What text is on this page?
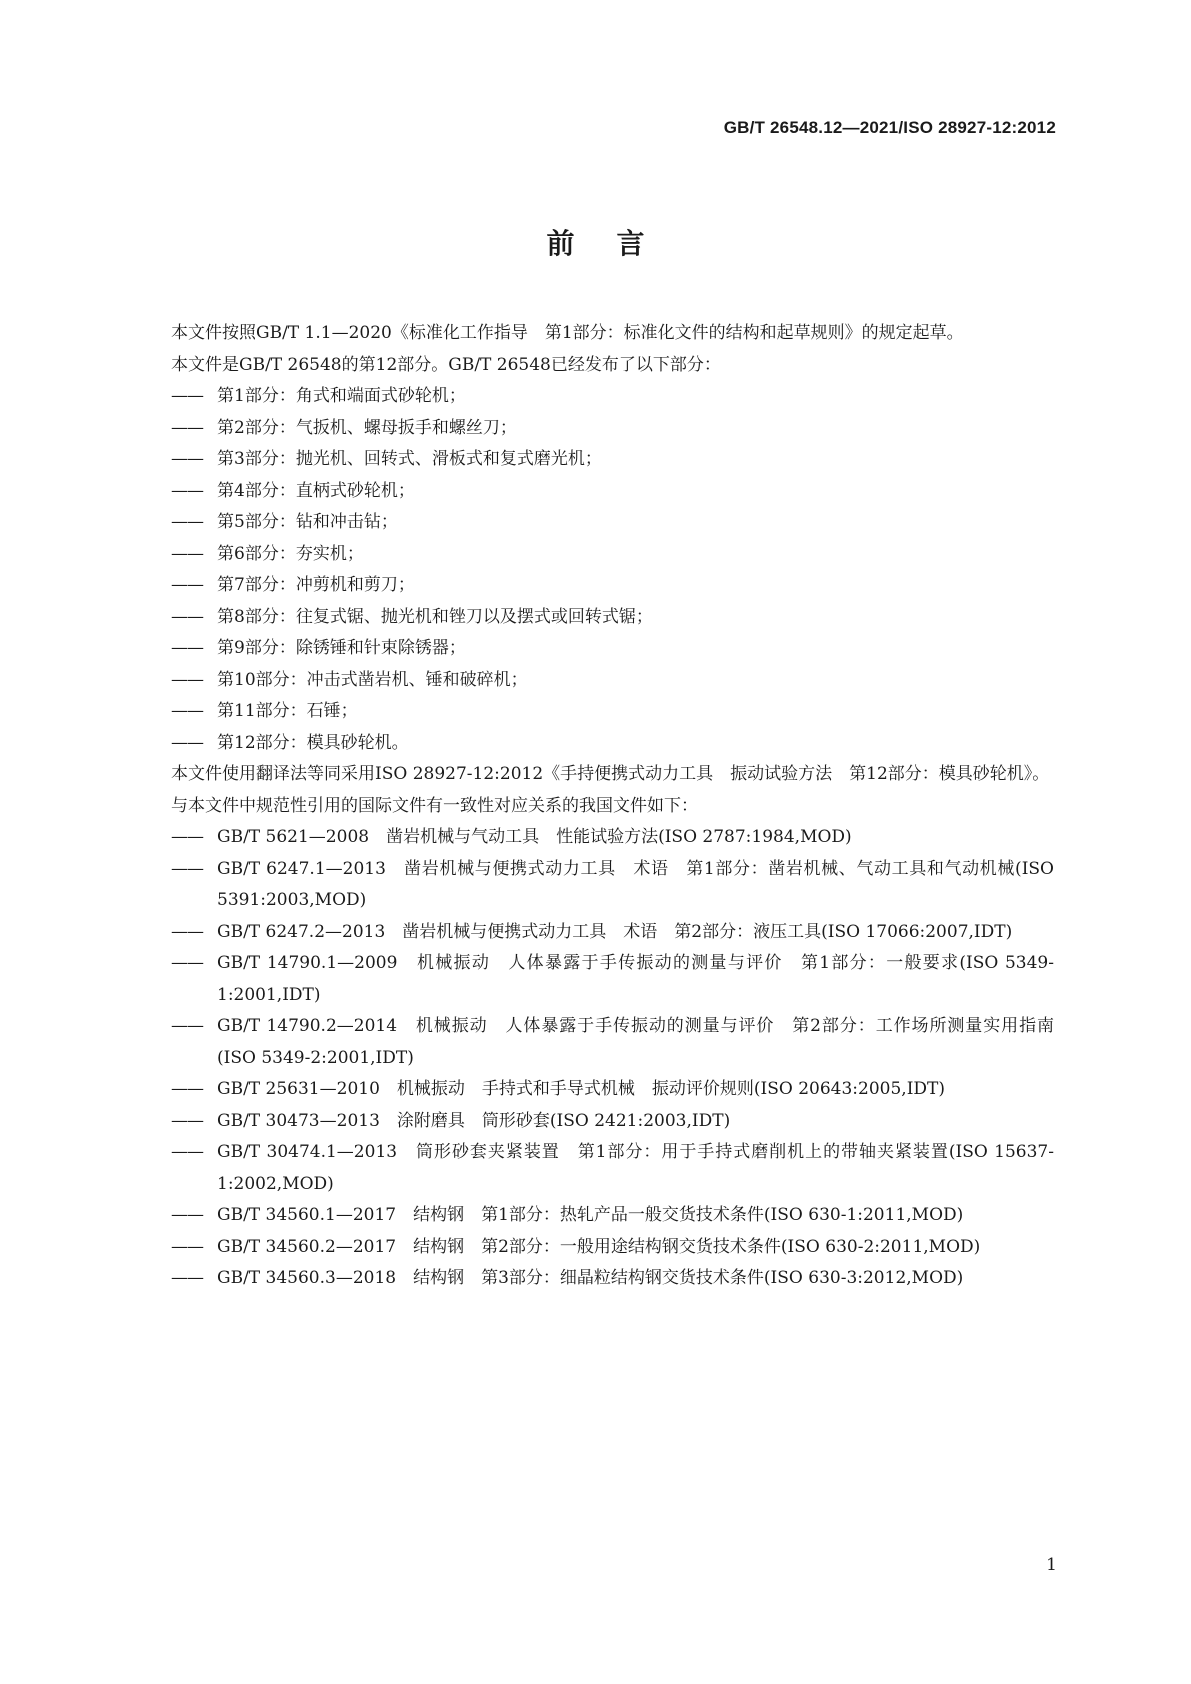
GB/T 26548.12—2021/ISO 28927-12:2012
前言

本文件按照GB/T 1.1—2020《标准化工作指导　第1部分：标准化文件的结构和起草规则》的规定起草。

本文件是GB/T 26548的第12部分。GB/T 26548已经发布了以下部分：

—— 第1部分：角式和端面式砂轮机；
—— 第2部分：气扳机、螺母扳手和螺丝刀；
—— 第3部分：抛光机、回转式、滑板式和复式磨光机；
—— 第4部分：直柄式砂轮机；
—— 第5部分：钻和冲击钻；
—— 第6部分：夯实机；
—— 第7部分：冲剪机和剪刀；
—— 第8部分：往复式锯、抛光机和锉刀以及摆式或回转式锯；
—— 第9部分：除锈锤和针束除锈器；
—— 第10部分：冲击式凿岩机、锤和破碎机；
—— 第11部分：石锤；
—— 第12部分：模具砂轮机。

本文件使用翻译法等同采用ISO 28927-12:2012《手持便携式动力工具　振动试验方法　第12部分：模具砂轮机》。

与本文件中规范性引用的国际文件有一致性对应关系的我国文件如下：

—— GB/T 5621—2008　凿岩机械与气动工具　性能试验方法(ISO 2787:1984,MOD)
—— GB/T 6247.1—2013　凿岩机械与便携式动力工具　术语　第1部分：凿岩机械、气动工具和气动机械(ISO 5391:2003,MOD)
—— GB/T 6247.2—2013　凿岩机械与便携式动力工具　术语　第2部分：液压工具(ISO 17066:2007,IDT)
—— GB/T 14790.1—2009　机械振动　人体暴露于手传振动的测量与评价　第1部分：一般要求(ISO 5349-1:2001,IDT)
—— GB/T 14790.2—2014　机械振动　人体暴露于手传振动的测量与评价　第2部分：工作场所测量实用指南(ISO 5349-2:2001,IDT)
—— GB/T 25631—2010　机械振动　手持式和手导式机械　振动评价规则(ISO 20643:2005,IDT)
—— GB/T 30473—2013　涂附磨具　筒形砂套(ISO 2421:2003,IDT)
—— GB/T 30474.1—2013　筒形砂套夹紧装置　第1部分：用于手持式磨削机上的带轴夹紧装置(ISO 15637-1:2002,MOD)
—— GB/T 34560.1—2017　结构钢　第1部分：热轧产品一般交货技术条件(ISO 630-1:2011,MOD)
—— GB/T 34560.2—2017　结构钢　第2部分：一般用途结构钢交货技术条件(ISO 630-2:2011,MOD)
—— GB/T 34560.3—2018　结构钢　第3部分：细晶粒结构钢交货技术条件(ISO 630-3:2012,MOD)
1
